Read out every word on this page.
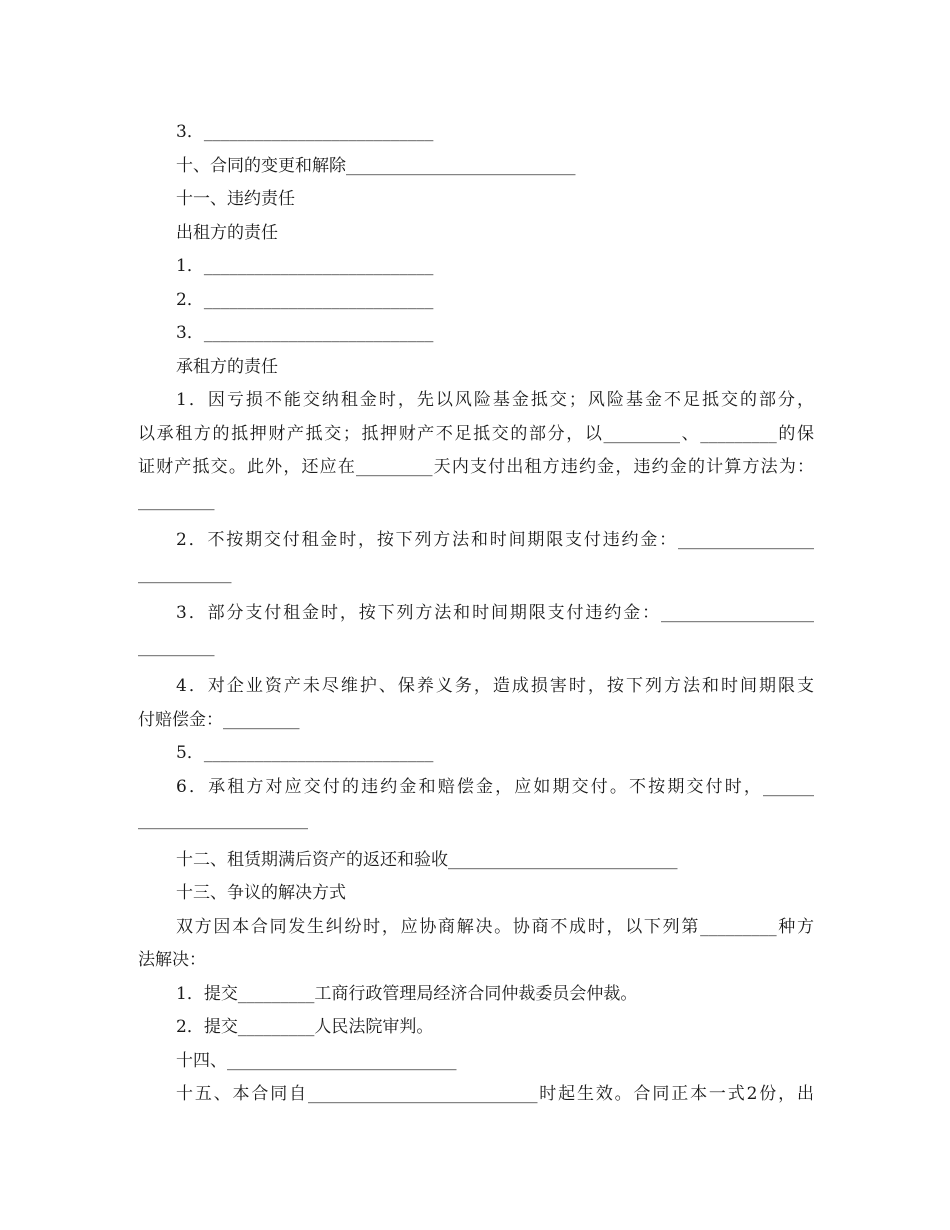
3．___________________________
十、合同的变更和解除___________________________
十一、违约责任
出租方的责任
1．___________________________
2．___________________________
3．___________________________
承租方的责任
1．因亏损不能交纳租金时，先以风险基金抵交；风险基金不足抵交的部分，
以承租方的抵押财产抵交；抵押财产不足抵交的部分，以_________、_________的保
证财产抵交。此外，还应在_________天内支付出租方违约金，违约金的计算方法为：
_________
2．不按期交付租金时，按下列方法和时间期限支付违约金：________________
___________
3．部分支付租金时，按下列方法和时间期限支付违约金：__________________
_________
4．对企业资产未尽维护、保养义务，造成损害时，按下列方法和时间期限支
付赔偿金：_________
5．___________________________
6．承租方对应交付的违约金和赔偿金，应如期交付。不按期交付时，______
____________________
十二、租赁期满后资产的返还和验收___________________________
十三、争议的解决方式
双方因本合同发生纠纷时，应协商解决。协商不成时，以下列第_________种方
法解决：
1．提交_________工商行政管理局经济合同仲裁委员会仲裁。
2．提交_________人民法院审判。
十四、___________________________
十五、本合同自___________________________时起生效。合同正本一式2份，出
